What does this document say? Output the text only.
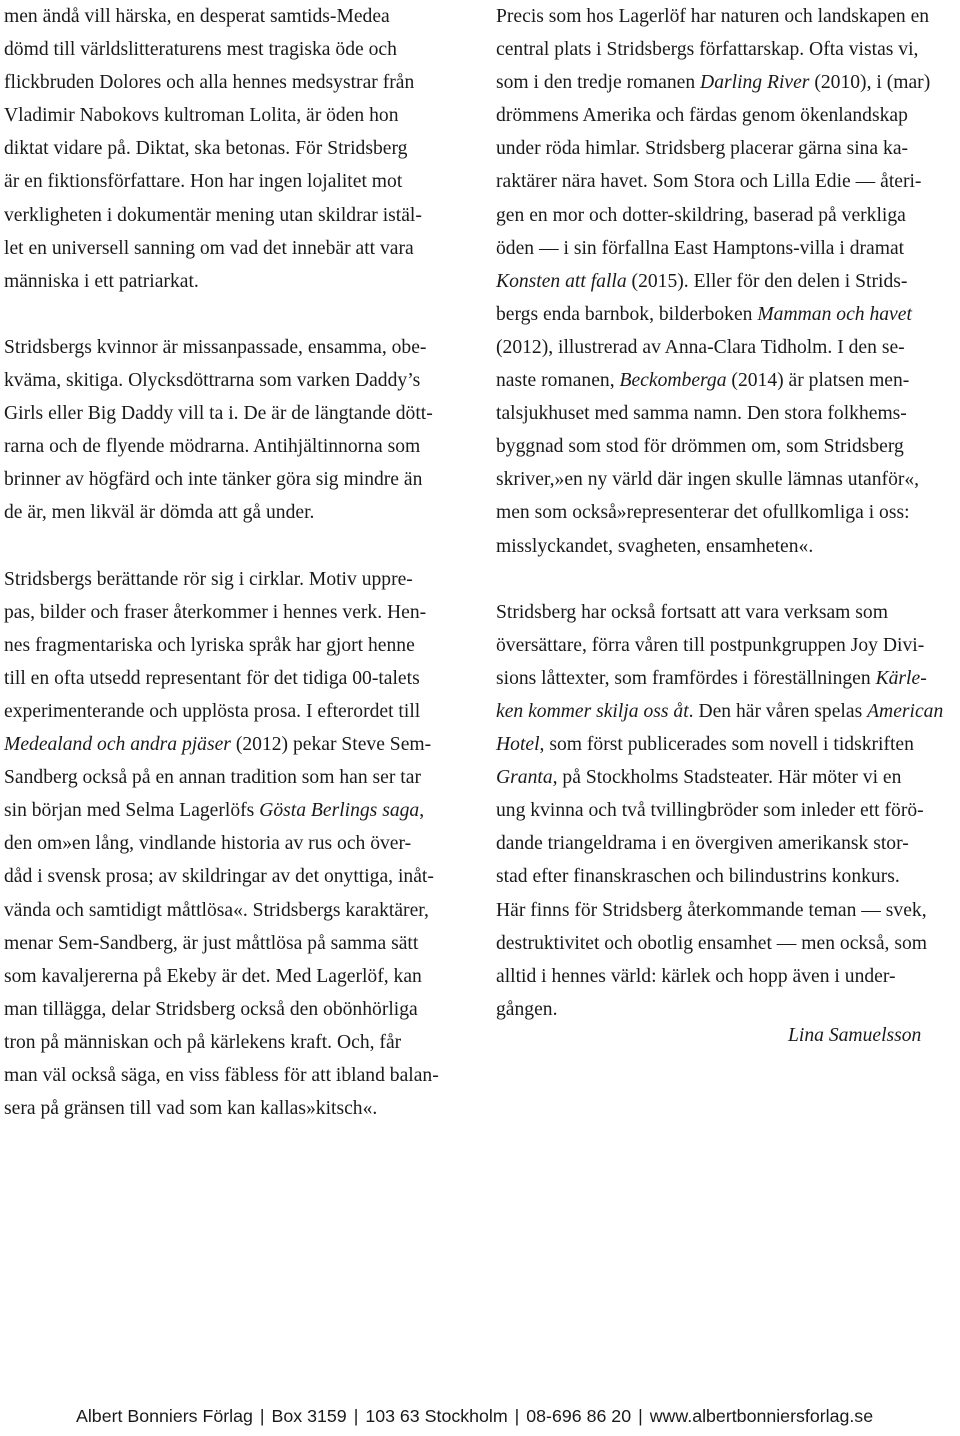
men ändå vill härska, en desperat samtids-Medea
dömd till världslitteraturens mest tragiska öde och
flickbruden Dolores och alla hennes medsystrar från
Vladimir Nabokovs kultroman Lolita, är öden hon
diktat vidare på. Diktat, ska betonas. För Stridsberg
är en fiktionsförfattare. Hon har ingen lojalitet mot
verkligheten i dokumentär mening utan skildrar istäl-
let en universell sanning om vad det innebär att vara
människa i ett patriarkat.
Stridsbergs kvinnor är missanpassade, ensamma, obe-
kväma, skitiga. Olycksdöttrarna som varken Daddy’s
Girls eller Big Daddy vill ta i. De är de längtande dött-
rarna och de flyende mödrarna. Antihjältinnorna som
brinner av högfärd och inte tänker göra sig mindre än
de är, men likväl är dömda att gå under.
Stridsbergs berättande rör sig i cirklar. Motiv uppre-
pas, bilder och fraser återkommer i hennes verk. Hen-
nes fragmentariska och lyriska språk har gjort henne
till en ofta utsedd representant för det tidiga 00-talets
experimenterande och upplösta prosa. I efterordet till
Medealand och andra pjäser (2012) pekar Steve Sem-
Sandberg också på en annan tradition som han ser tar
sin början med Selma Lagerlöfs Gösta Berlings saga,
den om»en lång, vindlande historia av rus och över-
dåd i svensk prosa; av skildringar av det onyttiga, inåt-
vända och samtidigt måttlösa«. Stridsbergs karaktärer,
menar Sem-Sandberg, är just måttlösa på samma sätt
som kavaljererna på Ekeby är det. Med Lagerlöf, kan
man tillägga, delar Stridsberg också den obönhörliga
tron på människan och på kärlekens kraft. Och, får
man väl också säga, en viss fäbless för att ibland balan-
sera på gränsen till vad som kan kallas»kitsch«.
Precis som hos Lagerlöf har naturen och landskapen en
central plats i Stridsbergs författarskap. Ofta vistas vi,
som i den tredje romanen Darling River (2010), i (mar)
drömmens Amerika och färdas genom ökenlandskap
under röda himlar. Stridsberg placerar gärna sina ka-
raktärer nära havet. Som Stora och Lilla Edie — återi-
gen en mor och dotter-skildring, baserad på verkliga
öden — i sin förfallna East Hamptons-villa i dramat
Konsten att falla (2015). Eller för den delen i Strids-
bergs enda barnbok, bilderboken Mamman och havet
(2012), illustrerad av Anna-Clara Tidholm. I den se-
naste romanen, Beckomberga (2014) är platsen men-
talsjukhuset med samma namn. Den stora folkhems-
byggnad som stod för drömmen om, som Stridsberg
skriver,»en ny värld där ingen skulle lämnas utanför«,
men som också»representerar det ofullkomliga i oss:
misslyckandet, svagheten, ensamheten«.
Stridsberg har också fortsatt att vara verksam som
översättare, förra våren till postpunkgruppen Joy Divi-
sions låttexter, som framfördes i föreställningen Kärle-
ken kommer skilja oss åt. Den här våren spelas American
Hotel, som först publicerades som novell i tidskriften
Granta, på Stockholms Stadsteater. Här möter vi en
ung kvinna och två tvillingbröder som inleder ett förö-
dande triangeldrama i en övergiven amerikansk stor-
stad efter finanskraschen och bilindustrins konkurs.
Här finns för Stridsberg återkommande teman — svek,
destruktivitet och obotlig ensamhet — men också, som
alltid i hennes värld: kärlek och hopp även i under-
gången.
Lina Samuelsson
Albert Bonniers Förlag | Box 3159 | 103 63 Stockholm | 08-696 86 20 | www.albertbonniersforlag.se
